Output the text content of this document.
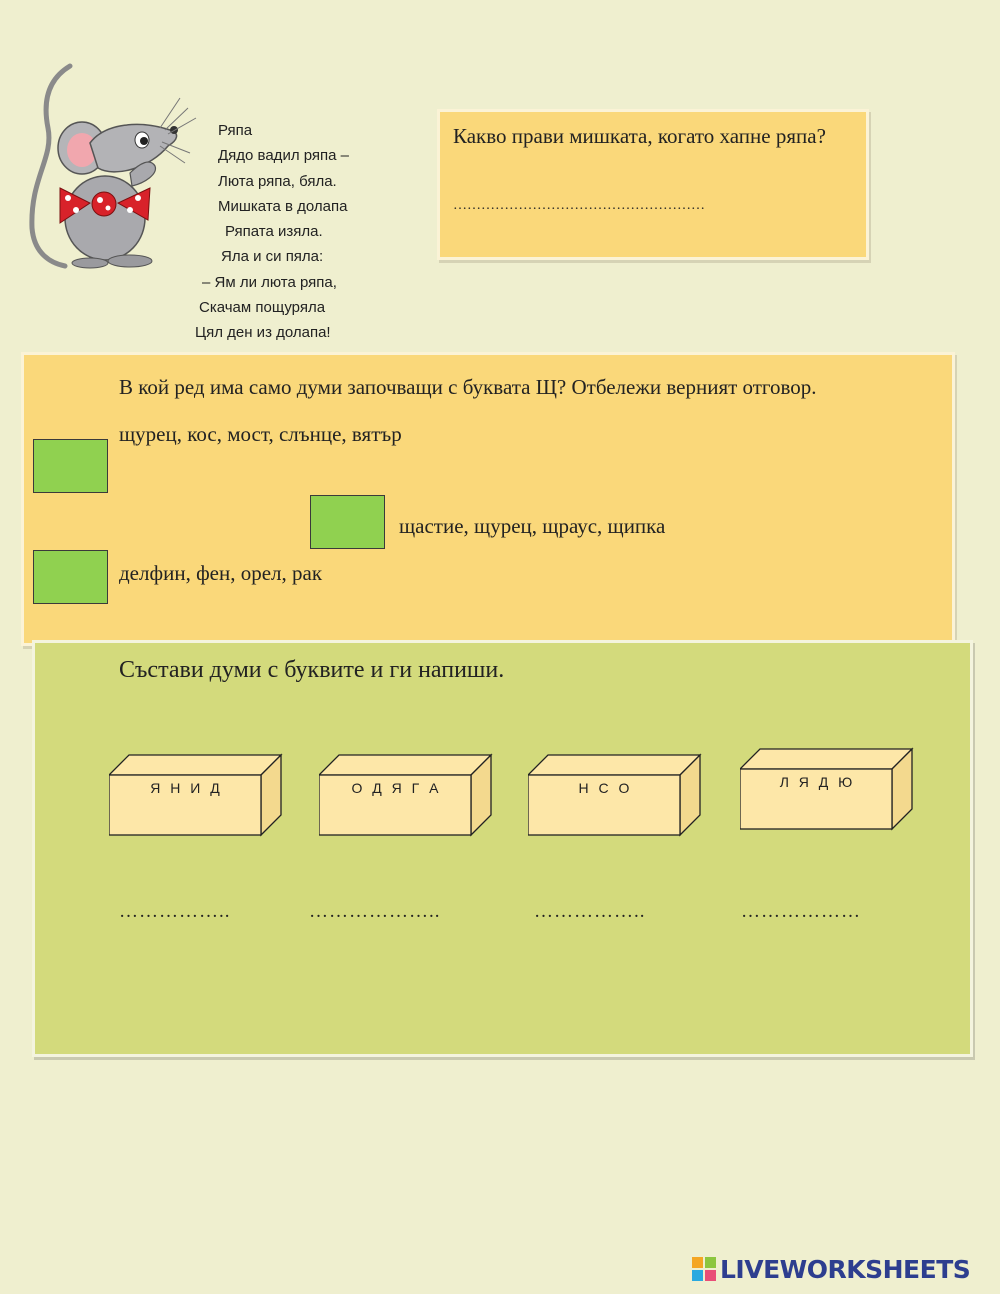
Ряпа
Дядо вадил ряпа –
Люта ряпа, бяла.
Мишката в долапа
Ряпата изяла.
Яла и си пяла:
– Ям ли люта ряпа,
Скачам пощуряла
Цял ден из долапа!
Какво прави мишката, когато хапне ряпа?
………………………………………………
В кой ред има само думи започващи с буквата Щ? Отбележи верният отговор.
щурец, кос, мост, слънце, вятър
щастие, щурец, щраус, щипка
делфин, фен, орел, рак
Състави думи с буквите и ги напиши.
Я Н И Д	О Д Я Г А	Н С О	Л Я Д Ю
……………..	………………..	……………..	………………
LIVEWORKSHEETS
